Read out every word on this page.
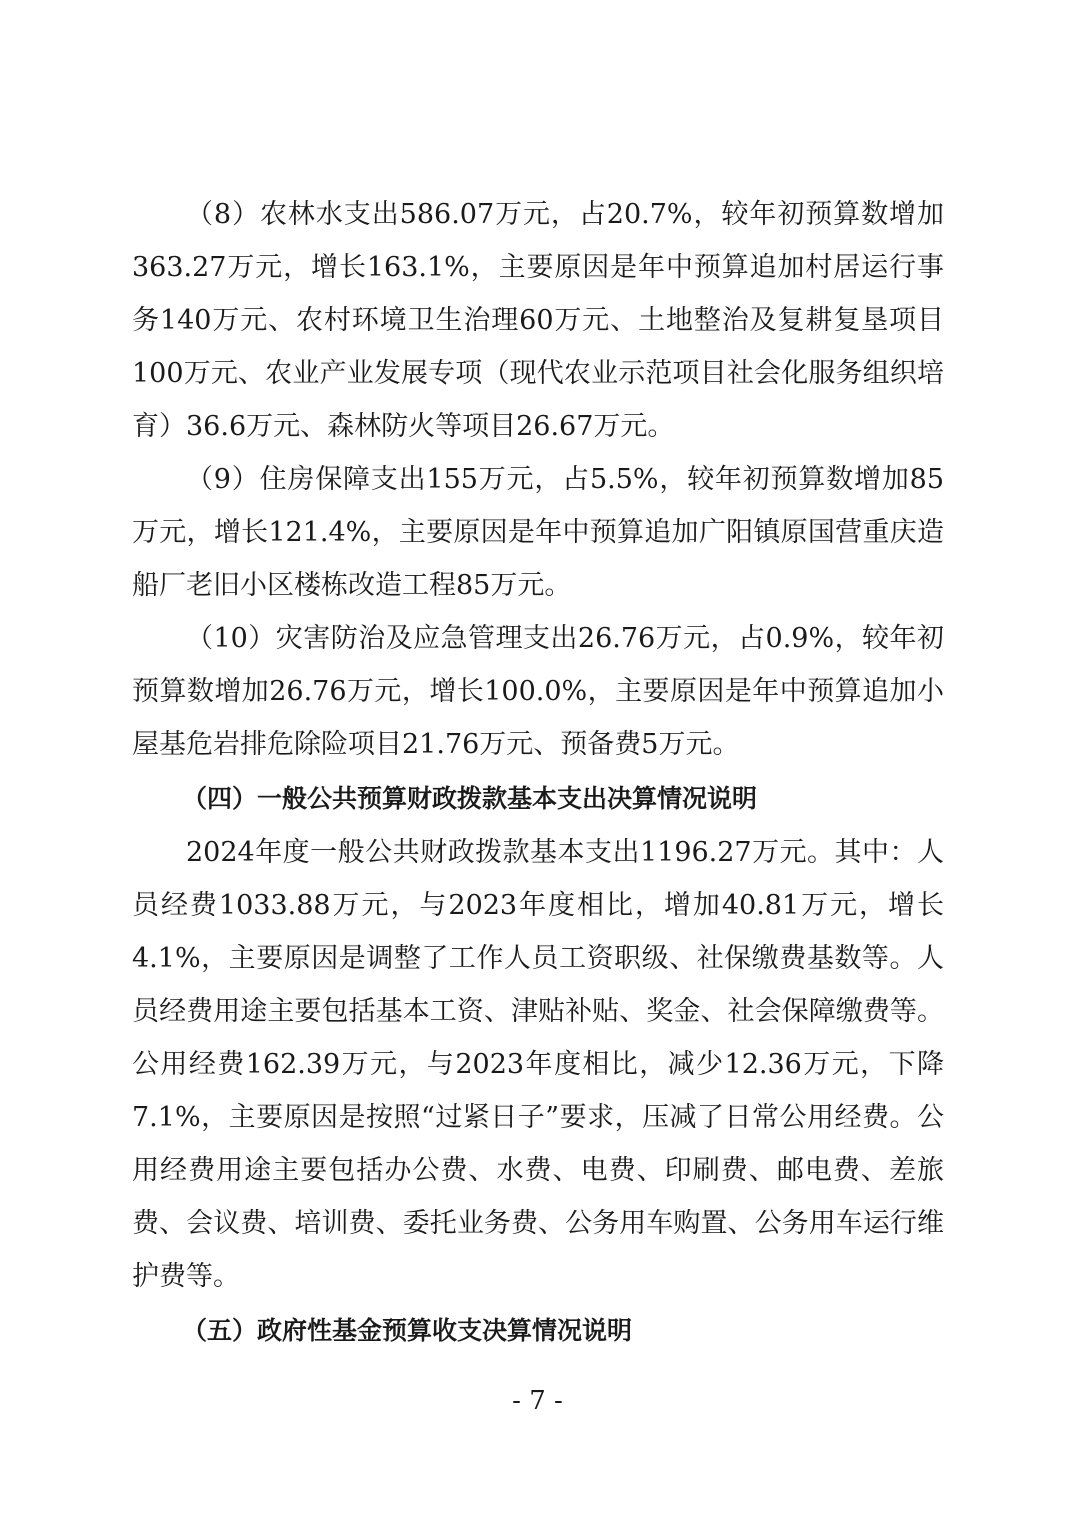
（8）农林水支出586.07万元，占20.7%，较年初预算数增加363.27万元，增长163.1%，主要原因是年中预算追加村居运行事务140万元、农村环境卫生治理60万元、土地整治及复耕复垦项目100万元、农业产业发展专项（现代农业示范项目社会化服务组织培育）36.6万元、森林防火等项目26.67万元。

（9）住房保障支出155万元，占5.5%，较年初预算数增加85万元，增长121.4%，主要原因是年中预算追加广阳镇原国营重庆造船厂老旧小区楼栋改造工程85万元。

（10）灾害防治及应急管理支出26.76万元，占0.9%，较年初预算数增加26.76万元，增长100.0%，主要原因是年中预算追加小屋基危岩排危除险项目21.76万元、预备费5万元。

（四）一般公共预算财政拨款基本支出决算情况说明

2024年度一般公共财政拨款基本支出1196.27万元。其中：人员经费1033.88万元，与2023年度相比，增加40.81万元，增长4.1%，主要原因是调整了工作人员工资职级、社保缴费基数等。人员经费用途主要包括基本工资、津贴补贴、奖金、社会保障缴费等。公用经费162.39万元，与2023年度相比，减少12.36万元，下降7.1%，主要原因是按照“过紧日子”要求，压减了日常公用经费。公用经费用途主要包括办公费、水费、电费、印刷费、邮电费、差旅费、会议费、培训费、委托业务费、公务用车购置、公务用车运行维护费等。

（五）政府性基金预算收支决算情况说明
- 7 -
